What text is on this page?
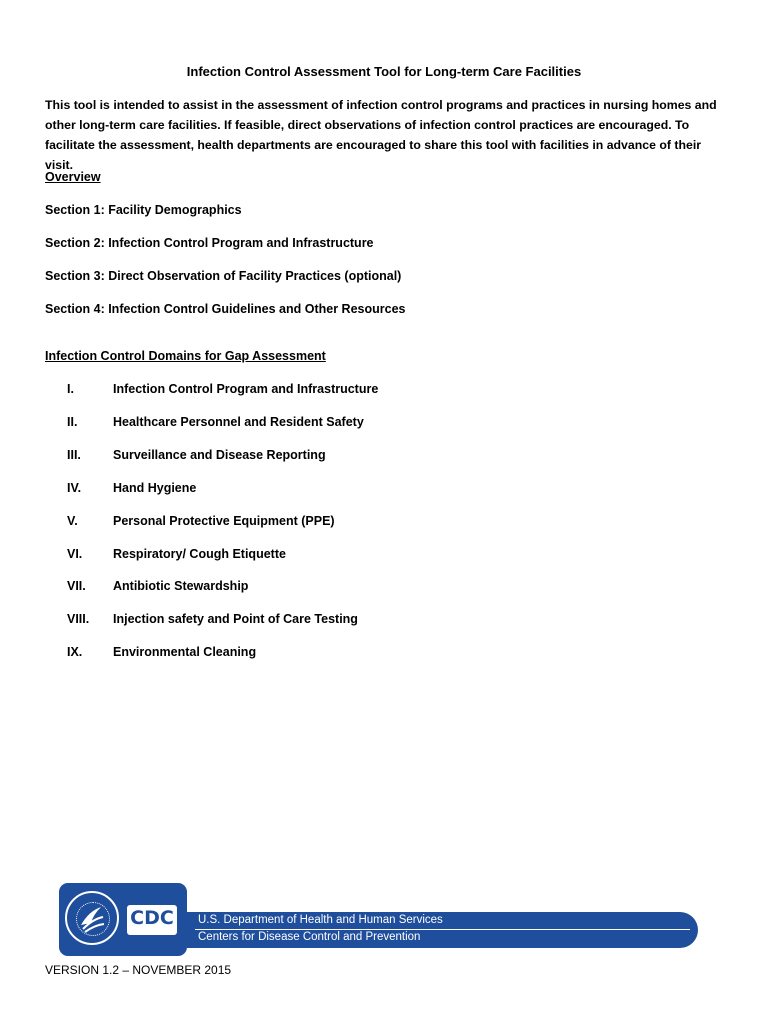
Infection Control Assessment Tool for Long-term Care Facilities
This tool is intended to assist in the assessment of infection control programs and practices in nursing homes and other long-term care facilities. If feasible, direct observations of infection control practices are encouraged. To facilitate the assessment, health departments are encouraged to share this tool with facilities in advance of their visit.
Overview
Section 1: Facility Demographics
Section 2: Infection Control Program and Infrastructure
Section 3: Direct Observation of Facility Practices (optional)
Section 4: Infection Control Guidelines and Other Resources
Infection Control Domains for Gap Assessment
I.	Infection Control Program and Infrastructure
II.	Healthcare Personnel and Resident Safety
III.	Surveillance and Disease Reporting
IV.	Hand Hygiene
V.	Personal Protective Equipment (PPE)
VI. Respiratory/ Cough Etiquette
VII. Antibiotic Stewardship
VIII. Injection safety and Point of Care Testing
IX. Environmental Cleaning
CDC U.S. Department of Health and Human Services
Centers for Disease Control and Prevention
VERSION 1.2 – NOVEMBER 2015
